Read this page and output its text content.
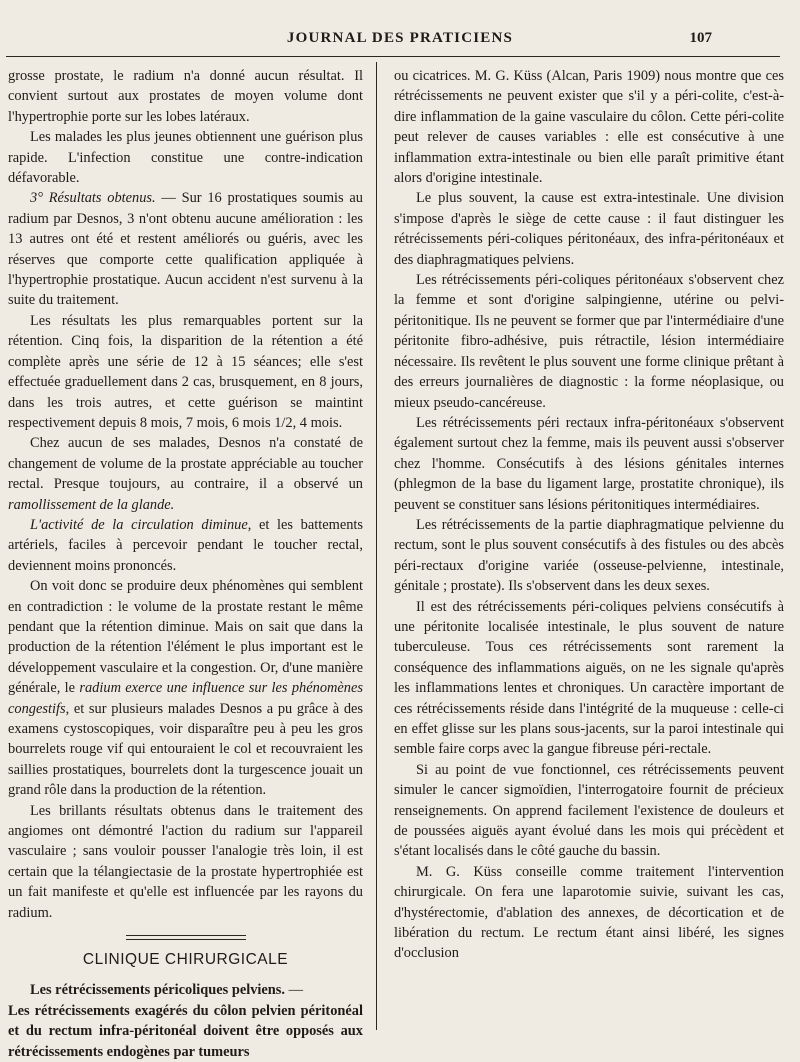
JOURNAL DES PRATICIENS	107

grosse prostate, le radium n'a donné aucun résultat. Il convient surtout aux prostates de moyen volume dont l'hypertrophie porte sur les lobes latéraux.

Les malades les plus jeunes obtiennent une guérison plus rapide. L'infection constitue une contre-indication défavorable.

3° Résultats obtenus. — Sur 16 prostatiques soumis au radium par Desnos, 3 n'ont obtenu aucune amélioration : les 13 autres ont été et restent améliorés ou guéris, avec les réserves que comporte cette qualification appliquée à l'hypertrophie prostatique. Aucun accident n'est survenu à la suite du traitement.

Les résultats les plus remarquables portent sur la rétention. Cinq fois, la disparition de la rétention a été complète après une série de 12 à 15 séances; elle s'est effectuée graduellement dans 2 cas, brusquement, en 8 jours, dans les trois autres, et cette guérison se maintint respectivement depuis 8 mois, 7 mois, 6 mois 1/2, 4 mois.

Chez aucun de ses malades, Desnos n'a constaté de changement de volume de la prostate appréciable au toucher rectal. Presque toujours, au contraire, il a observé un ramollissement de la glande.

L'activité de la circulation diminue, et les battements artériels, faciles à percevoir pendant le toucher rectal, deviennent moins prononcés.

On voit donc se produire deux phénomènes qui semblent en contradiction : le volume de la prostate restant le même pendant que la rétention diminue. Mais on sait que dans la production de la rétention l'élément le plus important est le développement vasculaire et la congestion. Or, d'une manière générale, le radium exerce une influence sur les phénomènes congestifs, et sur plusieurs malades Desnos a pu grâce à des examens cystoscopiques, voir disparaître peu à peu les gros bourrelets rouge vif qui entouraient le col et recouvraient les saillies prostatiques, bourrelets dont la turgescence jouait un grand rôle dans la production de la rétention.

Les brillants résultats obtenus dans le traitement des angiomes ont démontré l'action du radium sur l'appareil vasculaire ; sans vouloir pousser l'analogie très loin, il est certain que la télangiectasie de la prostate hypertrophiée est un fait manifeste et qu'elle est influencée par les rayons du radium.

CLINIQUE CHIRURGICALE

Les rétrécissements péricoliques pelviens. —

Les rétrécissements exagérés du côlon pelvien péritonéal et du rectum infra-péritonéal doivent être opposés aux rétrécissements endogènes par tumeurs

ou cicatrices. M. G. Küss (Alcan, Paris 1909) nous montre que ces rétrécissements ne peuvent exister que s'il y a péri-colite, c'est-à-dire inflammation de la gaine vasculaire du côlon. Cette péri-colite peut relever de causes variables : elle est consécutive à une inflammation extra-intestinale ou bien elle paraît primitive étant alors d'origine intestinale.

Le plus souvent, la cause est extra-intestinale. Une division s'impose d'après le siège de cette cause : il faut distinguer les rétrécissements péri-coliques péritonéaux, des infra-péritonéaux et des diaphragmatiques pelviens.

Les rétrécissements péri-coliques péritonéaux s'observent chez la femme et sont d'origine salpingienne, utérine ou pelvi-péritonitique. Ils ne peuvent se former que par l'intermédiaire d'une péritonite fibro-adhésive, puis rétractile, lésion intermédiaire nécessaire. Ils revêtent le plus souvent une forme clinique prêtant à des erreurs journalières de diagnostic : la forme néoplasique, ou mieux pseudo-cancéreuse.

Les rétrécissements péri rectaux infra-péritonéaux s'observent également surtout chez la femme, mais ils peuvent aussi s'observer chez l'homme. Consécutifs à des lésions génitales internes (phlegmon de la base du ligament large, prostatite chronique), ils peuvent se constituer sans lésions péritonitiques intermédiaires.

Les rétrécissements de la partie diaphragmatique pelvienne du rectum, sont le plus souvent consécutifs à des fistules ou des abcès péri-rectaux d'origine variée (osseuse-pelvienne, intestinale, génitale ; prostate). Ils s'observent dans les deux sexes.

Il est des rétrécissements péri-coliques pelviens consécutifs à une péritonite localisée intestinale, le plus souvent de nature tuberculeuse. Tous ces rétrécissements sont rarement la conséquence des inflammations aiguës, on ne les signale qu'après les inflammations lentes et chroniques. Un caractère important de ces rétrécissements réside dans l'intégrité de la muqueuse : celle-ci en effet glisse sur les plans sous-jacents, sur la paroi intestinale qui semble faire corps avec la gangue fibreuse péri-rectale.

Si au point de vue fonctionnel, ces rétrécissements peuvent simuler le cancer sigmoïdien, l'interrogatoire fournit de précieux renseignements. On apprend facilement l'existence de douleurs et de poussées aiguës ayant évolué dans les mois qui précèdent et s'étant localisés dans le côté gauche du bassin.

M. G. Küss conseille comme traitement l'intervention chirurgicale. On fera une laparotomie suivie, suivant les cas, d'hystérectomie, d'ablation des annexes, de décortication et de libération du rectum. Le rectum étant ainsi libéré, les signes d'occlusion
